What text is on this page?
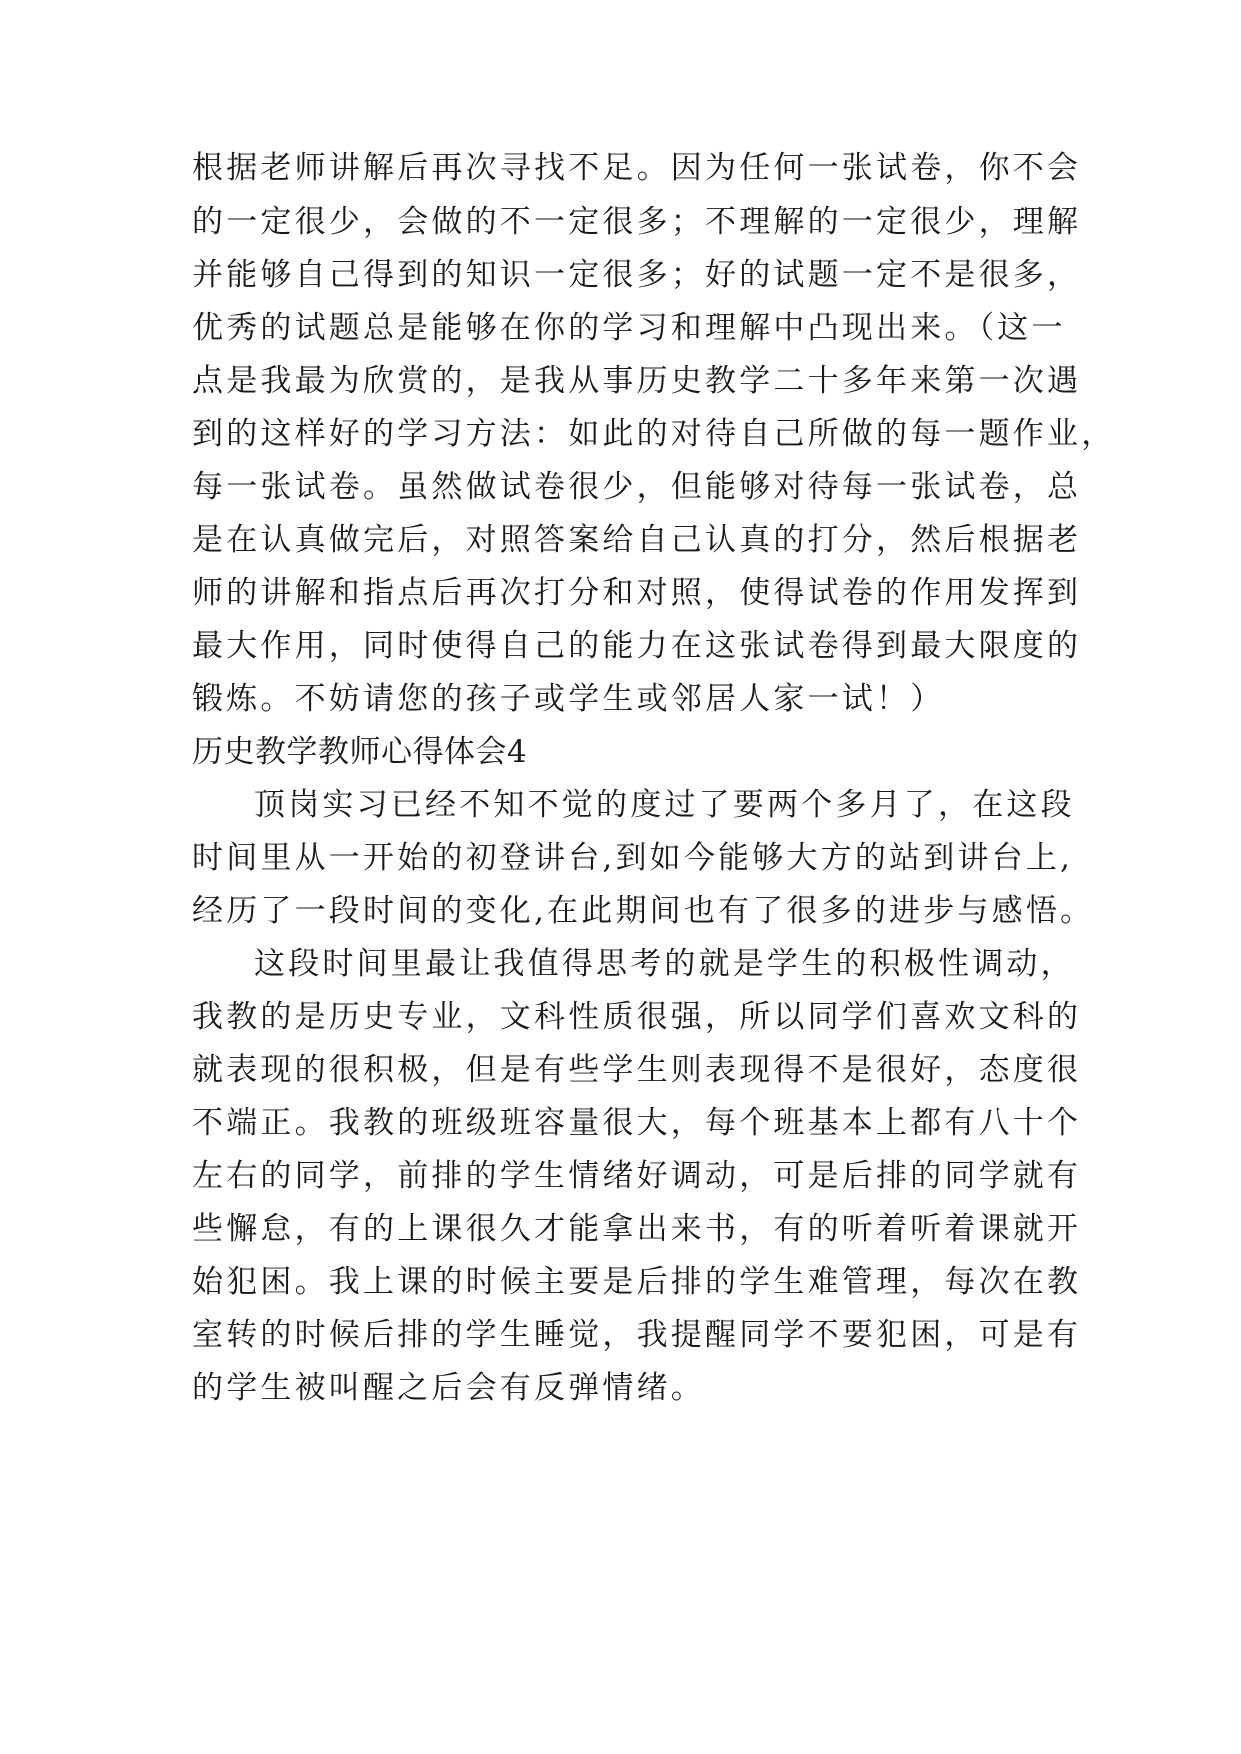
根据老师讲解后再次寻找不足。因为任何一张试卷，你不会

的一定很少，会做的不一定很多；不理解的一定很少，理解

并能够自己得到的知识一定很多；好的试题一定不是很多，

优秀的试题总是能够在你的学习和理解中凸现出来。（这一

点是我最为欣赏的，是我从事历史教学二十多年来第一次遇

到的这样好的学习方法：如此的对待自己所做的每一题作业，

每一张试卷。虽然做试卷很少，但能够对待每一张试卷，总

是在认真做完后，对照答案给自己认真的打分，然后根据老

师的讲解和指点后再次打分和对照，使得试卷的作用发挥到

最大作用，同时使得自己的能力在这张试卷得到最大限度的

锻炼。不妨请您的孩子或学生或邻居人家一试！）

历史教学教师心得体会4

顶岗实习已经不知不觉的度过了要两个多月了，在这段

时间里从一开始的初登讲台,到如今能够大方的站到讲台上,

经历了一段时间的变化,在此期间也有了很多的进步与感悟。

这段时间里最让我值得思考的就是学生的积极性调动，

我教的是历史专业，文科性质很强，所以同学们喜欢文科的

就表现的很积极，但是有些学生则表现得不是很好，态度很

不端正。我教的班级班容量很大，每个班基本上都有八十个

左右的同学，前排的学生情绪好调动，可是后排的同学就有

些懈怠，有的上课很久才能拿出来书，有的听着听着课就开

始犯困。我上课的时候主要是后排的学生难管理，每次在教

室转的时候后排的学生睡觉，我提醒同学不要犯困，可是有

的学生被叫醒之后会有反弹情绪。
